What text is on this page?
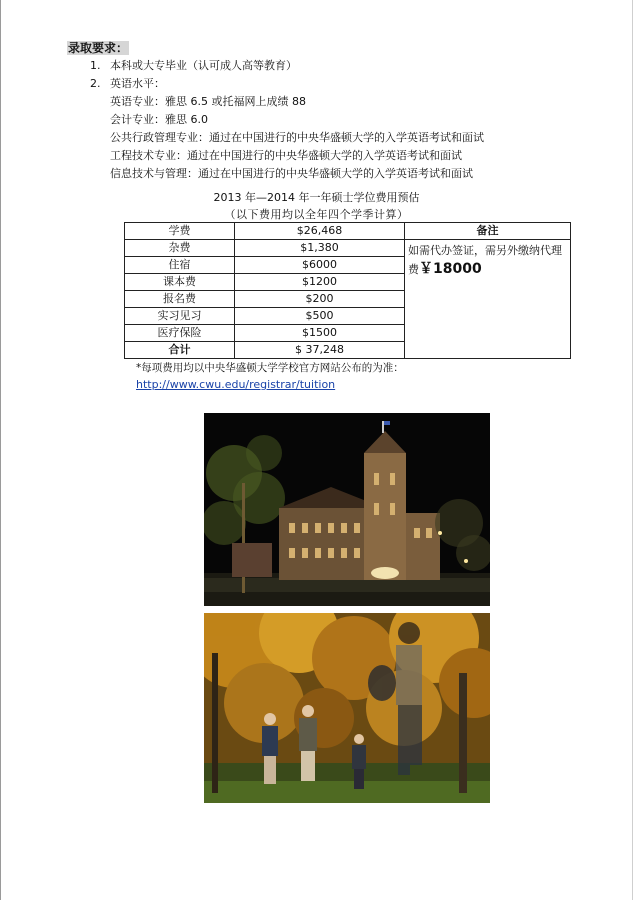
录取要求：
1. 本科或大专毕业（认可成人高等教育）
2. 英语水平：
英语专业：雅思 6.5 或托福网上成绩 88
会计专业：雅思 6.0
公共行政管理专业：通过在中国进行的中央华盛顿大学的入学英语考试和面试
工程技术专业：通过在中国进行的中央华盛顿大学的入学英语考试和面试
信息技术与管理：通过在中国进行的中央华盛顿大学的入学英语考试和面试
2013 年—2014 年一年硕士学位费用预估
（以下费用均以全年四个学季计算）
学费	$26,468	备注
如需代办签证，需另外缴纳代理费￥18000

杂费	$1,380	
住宿	$6000	
课本费	$1200	
报名费	$200	
实习见习	$500	
医疗保险	$1500	
合计	$ 37,248	
*每项费用均以中央华盛顿大学学校官方网站公布的为准：
http://www.cwu.edu/registrar/tuition
